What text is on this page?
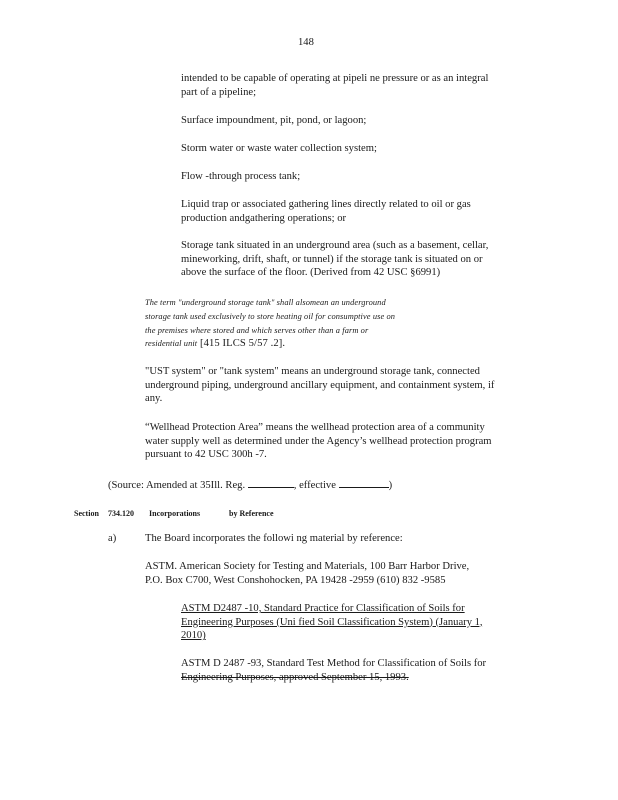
148

intended to be capable of operating at pipeli ne pressure or as an integral

part of a pipeline;

Surface impoundment, pit, pond, or lagoon;

Storm water or waste water collection system;

Flow -through process tank;

Liquid trap or associated gathering lines directly related to oil or gas

production andgathering operations; or

Storage tank situated in an underground area (such as a basement, cellar,

mineworking, drift, shaft, or tunnel) if the storage tank is situated on or

above the surface of the floor. (Derived from 42 USC §6991)

The term "underground storage tank" shall alsomean an underground

storage tank used exclusively to store heating oil for consumptive use on

the premises where stored and which serves other than a farm or

residential unit [415 ILCS 5/57 .2].

"UST system" or "tank system" means an underground storage tank, connected

underground piping, underground ancillary equipment, and containment system, if

any.

“Wellhead Protection Area” means the wellhead protection area of a community

water supply well as determined under the Agency’s wellhead protection program

pursuant to 42 USC 300h -7.

(Source: Amended at 35Ill. Reg.	, effective	)

Section 734.120 Incorporations	by Reference
a)	The Board incorporates the followi ng material by reference:

ASTM. American Society for Testing and Materials, 100 Barr Harbor Drive,

P.O. Box C700, West Conshohocken, PA 19428 -2959 (610) 832 -9585

ASTM D2487 -10, Standard Practice for Classification of Soils for

Engineering Purposes (Uni fied Soil Classification System) (January 1,

2010)

ASTM D 2487 -93, Standard Test Method for Classification of Soils for

Engineering Purposes, approved September 15, 1993.
